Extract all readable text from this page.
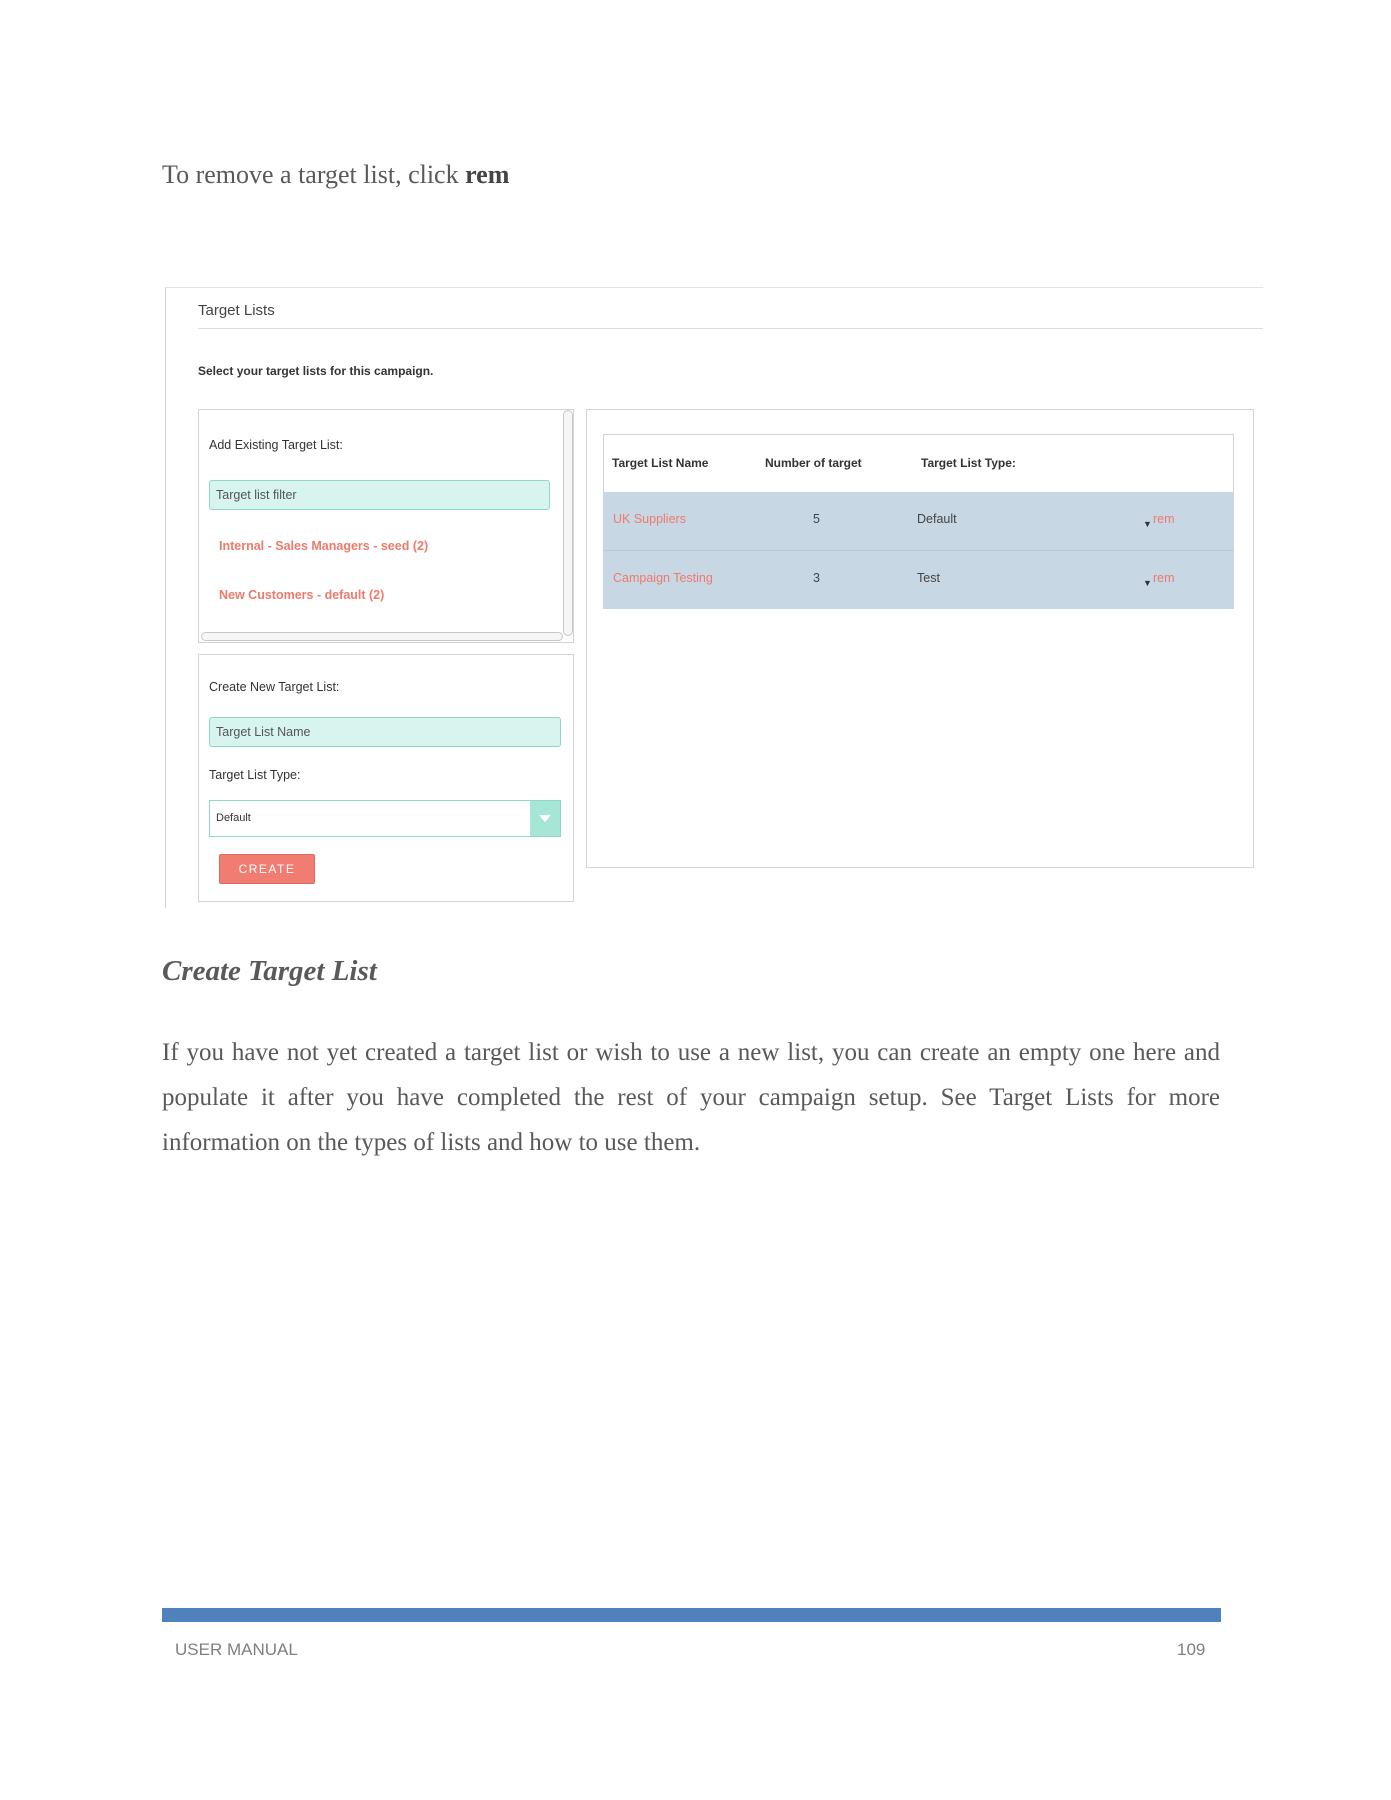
To remove a target list, click rem

Target Lists
Select your target lists for this campaign.
Add Existing Target List:
Target list filter
Internal - Sales Managers - seed (2)
New Customers - default (2)
Create New Target List:
Target List Name
Target List Type:
Default
CREATE
Target List Name	Number of target	Target List Type:
UK Suppliers	5	Default	▼rem
Campaign Testing	3	Test	▼rem
Create Target List

If you have not yet created a target list or wish to use a new list, you can create an empty one here and populate it after you have completed the rest of your campaign setup. See Target Lists for more information on the types of lists and how to use them.

USER MANUAL	109
